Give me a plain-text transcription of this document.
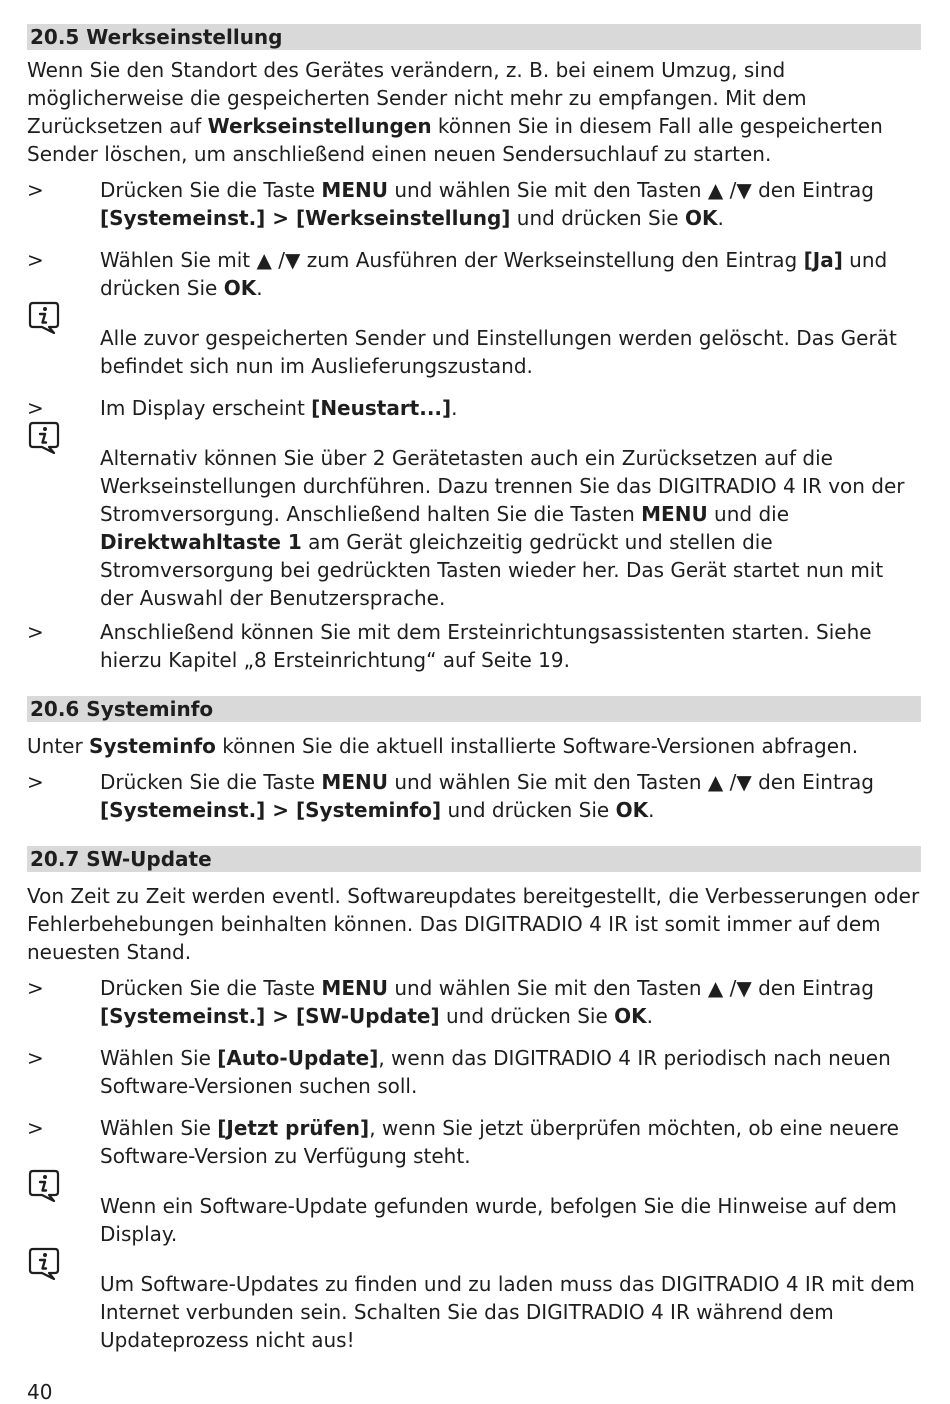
20.5 Werkseinstellung

Wenn Sie den Standort des Gerätes verändern, z. B. bei einem Umzug, sind möglicherweise die gespeicherten Sender nicht mehr zu empfangen. Mit dem Zurücksetzen auf Werkseinstellungen können Sie in diesem Fall alle gespeicherten Sender löschen, um anschließend einen neuen Sendersuchlauf zu starten.

>	Drücken Sie die Taste MENU und wählen Sie mit den Tasten ▲ /▼ den Eintrag [Systemeinst.] > [Werkseinstellung] und drücken Sie OK.
>	Wählen Sie mit ▲ /▼ zum Ausführen der Werkseinstellung den Eintrag [Ja] und drücken Sie OK.
Alle zuvor gespeicherten Sender und Einstellungen werden gelöscht. Das Gerät befindet sich nun im Auslieferungszustand.
>	Im Display erscheint [Neustart...].
Alternativ können Sie über 2 Gerätetasten auch ein Zurücksetzen auf die Werkseinstellungen durchführen. Dazu trennen Sie das DIGITRADIO 4 IR von der Stromversorgung. Anschließend halten Sie die Tasten MENU und die Direktwahltaste 1 am Gerät gleichzeitig gedrückt und stellen die Stromversorgung bei gedrückten Tasten wieder her. Das Gerät startet nun mit der Auswahl der Benutzersprache.
>	Anschließend können Sie mit dem Ersteinrichtungsassistenten starten. Siehe hierzu Kapitel „8 Ersteinrichtung“ auf Seite 19.
20.6 Systeminfo

Unter Systeminfo können Sie die aktuell installierte Software-Versionen abfragen.

>	Drücken Sie die Taste MENU und wählen Sie mit den Tasten ▲ /▼ den Eintrag [Systemeinst.] > [Systeminfo] und drücken Sie OK.
20.7 SW-Update

Von Zeit zu Zeit werden eventl. Softwareupdates bereitgestellt, die Verbesserungen oder Fehlerbehebungen beinhalten können. Das DIGITRADIO 4 IR ist somit immer auf dem neuesten Stand.

>	Drücken Sie die Taste MENU und wählen Sie mit den Tasten ▲ /▼ den Eintrag [Systemeinst.] > [SW-Update] und drücken Sie OK.
>	Wählen Sie [Auto-Update], wenn das DIGITRADIO 4 IR periodisch nach neuen Software-Versionen suchen soll.
>	Wählen Sie [Jetzt prüfen], wenn Sie jetzt überprüfen möchten, ob eine neuere Software-Version zu Verfügung steht.
Wenn ein Software-Update gefunden wurde, befolgen Sie die Hinweise auf dem Display.
Um Software-Updates zu finden und zu laden muss das DIGITRADIO 4 IR mit dem Internet verbunden sein. Schalten Sie das DIGITRADIO 4 IR während dem Updateprozess nicht aus!
40
